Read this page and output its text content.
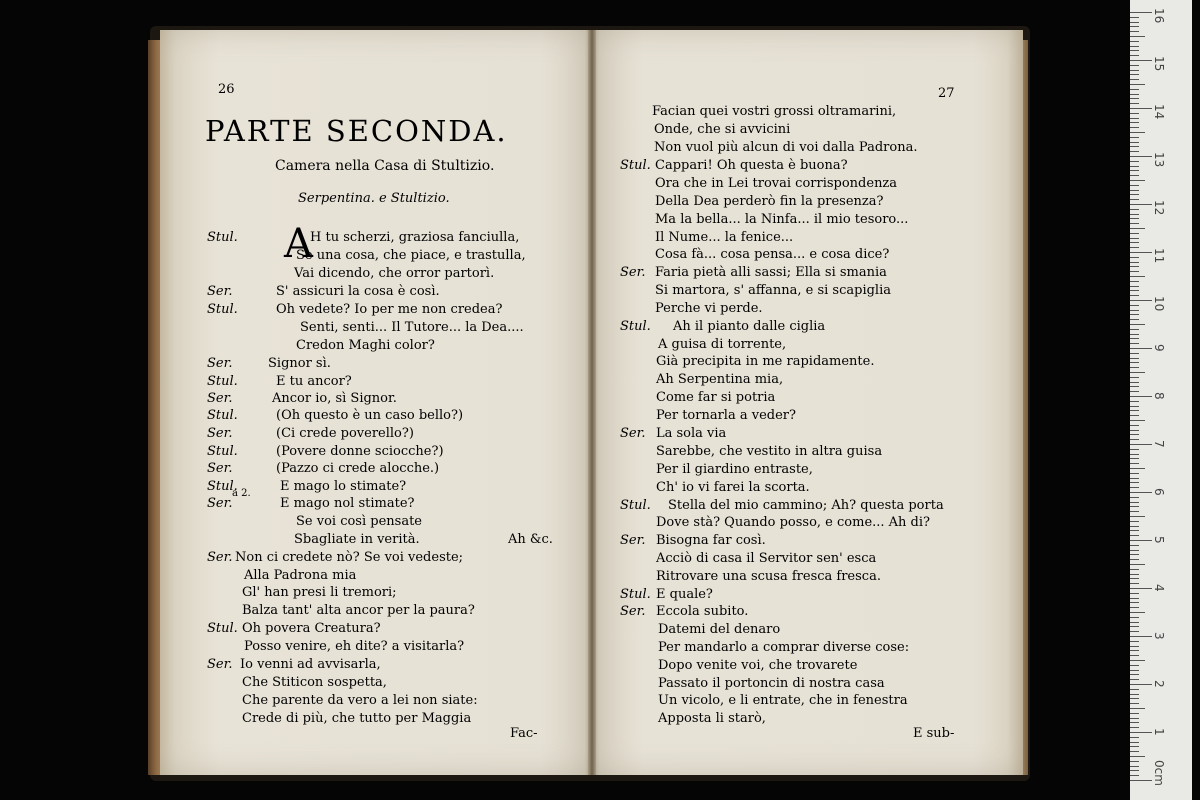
26
PARTE SECONDA.
Camera nella Casa di Stultizio.
Serpentina. e Stultizio.
A
Stul.	H tu scherzi, graziosa fanciulla,
Se una cosa, che piace, e trastulla,
Vai dicendo, che orror partorì.
Ser.	S' assicuri la cosa è così.
Stul.	Oh vedete? Io per me non credea?
Senti, senti... Il Tutore... la Dea....
Credon Maghi color?
Ser.	Signor sì.
Stul.	E tu ancor?
Ser.	Ancor io, sì Signor.
Stul.	(Oh questo è un caso bello?)
Ser.	(Ci crede poverello?)
Stul.	(Povere donne sciocche?)
Ser.	(Pazzo ci crede alocche.)
Stul.	E mago lo stimate?
Ser.	E mago nol stimate?
Se voi così pensate
Sbagliate in verità.
Ser. Non ci credete nò? Se voi vedeste;
Alla Padrona mia
Gl' han presi li tremori;
Balza tant' alta ancor per la paura?
Stul. Oh povera Creatura?
Posso venire, eh dite? a visitarla?
Ser. Io venni ad avvisarla,
Che Stiticon sospetta,
Che parente da vero a lei non siate:
Crede di più, che tutto per Maggia
a 2.
Ah &c.
Fac-
27
Facian quei vostri grossi oltramarini,
Onde, che si avvicini
Non vuol più alcun di voi dalla Padrona.
Stul. Cappari! Oh questa è buona?
Ora che in Lei trovai corrispondenza
Della Dea perderò fin la presenza?
Ma la bella... la Ninfa... il mio tesoro...
Il Nume... la fenice...
Cosa fà... cosa pensa... e cosa dice?
Ser. Faria pietà alli sassi; Ella si smania
Si martora, s' affanna, e si scapiglia
Perche vi perde.
Stul. Ah il pianto dalle ciglia
A guisa di torrente,
Già precipita in me rapidamente.
Ah Serpentina mia,
Come far si potria
Per tornarla a veder?
Ser. La sola via
Sarebbe, che vestito in altra guisa
Per il giardino entraste,
Ch' io vi farei la scorta.
Stul. Stella del mio cammino; Ah? questa porta
Dove stà? Quando posso, e come... Ah di?
Ser. Bisogna far così.
Acciò di casa il Servitor sen' esca
Ritrovare una scusa fresca fresca.
Stul. E quale?
Ser. Eccola subito.
Datemi del denaro
Per mandarlo a comprar diverse cose:
Dopo venite voi, che trovarete
Passato il portoncin di nostra casa
Un vicolo, e li entrate, che in fenestra
Apposta li starò,
E sub-
0cm
1
2
3
4
5
6
7
8
9
10
11
12
13
14
15
16
